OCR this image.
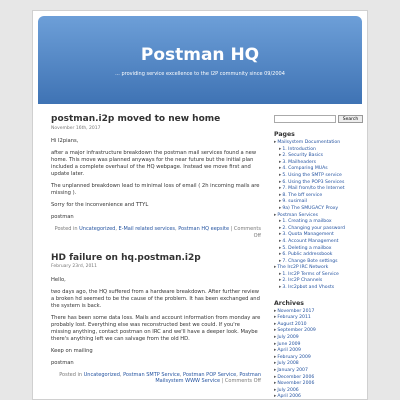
Postman HQ
... providing service excellence to the I2P community since 09/2004
postman.i2p moved to new home
November 16th, 2017

Hi I2pians,

after a major infrastructure breakdown the postman mail services found a new home. This move was planned anyways for the near future but the initial plan included a complete overhaul of the HQ webpage. Instead we move first and update later.

The unplanned breakdown lead to minimal loss of email ( 2h incoming mails are missing ).

Sorry for the inconvenience and TTYL

postman

Posted in Uncategorized, E-Mail related services, Postman HQ eepsite | Comments Off
HD failure on hq.postman.i2p
February 23rd, 2011

Hello,

two days ago, the HQ suffered from a hardware breakdown. After further review a broken hd seemed to be the cause of the problem. It has been exchanged and the system is back.

There has been some data loss. Mails and account information from monday are probably lost. Everything else was reconstructed best we could. If you're missing anything, contact postman on IRC and we'll have a deeper look. Maybe there's anything left we can salvage from the old HD.

Keep on mailing

postman

Posted in Uncategorized, Postman SMTP Service, Postman POP Service, Postman Mailsystem WWW Service | Comments Off
Search
Pages
▸ Mailsystem Documentation
▸ 1. Introduction
▸ 2. Security Basics
▸ 3. Mailheaders
▸ 4. Comparing MUAs
▸ 5. Using the SMTP service
▸ 6. Using the POP3 Services
▸ 7. Mail from/to the Internet
▸ 8. The bff service
▸ 9. susimail
▸ 9a) The SMUGACY Proxy
▸ Postman Services
▸ 1. Creating a mailbox
▸ 2. Changing your password
▸ 3. Quota Management
▸ 4. Account Management
▸ 5. Deleting a mailbox
▸ 6. Public addressbook
▸ 7. Change Bote settings
▸ The Irc2P IRC Network
▸ 1. Irc2P Terms of Service
▸ 2. Irc2P Channels
▸ 3. Irc2pbot and Vhosts
Archives
▸ November 2017
▸ February 2011
▸ August 2010
▸ September 2009
▸ July 2009
▸ June 2009
▸ April 2009
▸ February 2009
▸ July 2008
▸ January 2007
▸ December 2006
▸ November 2006
▸ July 2006
▸ April 2006
